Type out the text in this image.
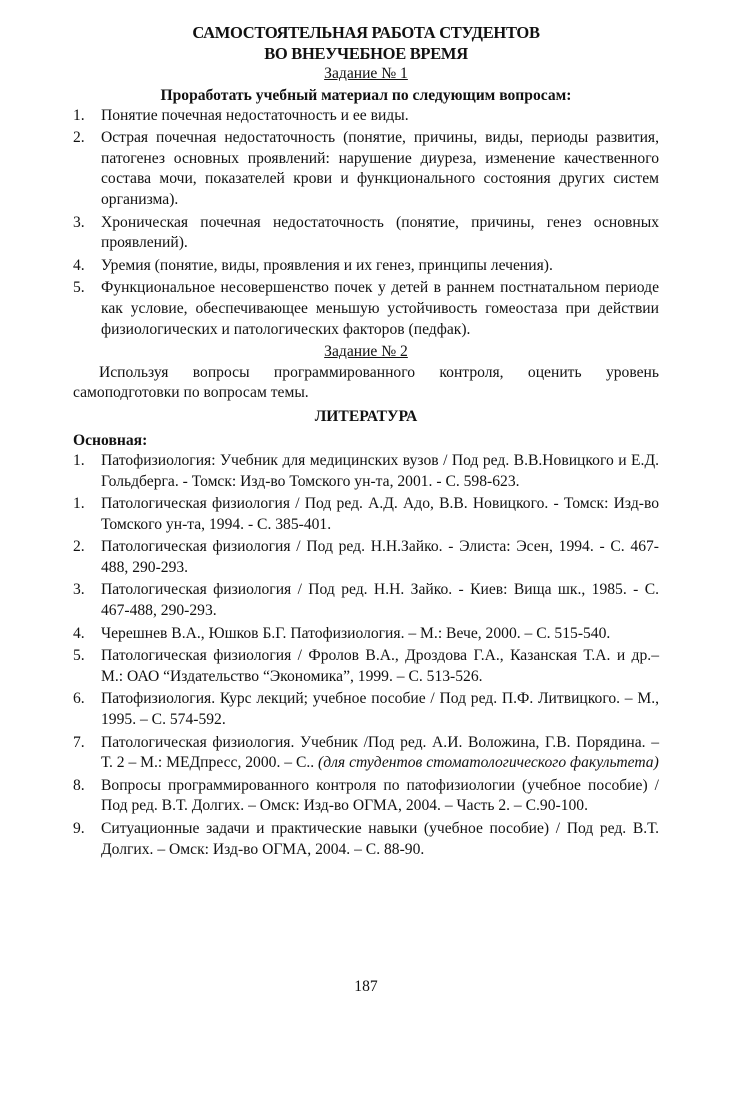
САМОСТОЯТЕЛЬНАЯ РАБОТА СТУДЕНТОВ
ВО ВНЕУЧЕБНОЕ ВРЕМЯ
Задание № 1
Проработать учебный материал по следующим вопросам:
1.	Понятие почечная недостаточность и ее виды.
2.	Острая почечная недостаточность (понятие, причины, виды, периоды развития, патогенез основных проявлений: нарушение диуреза, изменение качественного состава мочи, показателей крови и функционального состояния других систем организма).
3.	Хроническая почечная недостаточность (понятие, причины, генез основных проявлений).
4.	Уремия (понятие, виды, проявления и их генез, принципы лечения).
5.	Функциональное несовершенство почек у детей в раннем постнатальном периоде как условие, обеспечивающее меньшую устойчивость гомеостаза при действии физиологических и патологических факторов (педфак).
Задание № 2
Используя вопросы программированного контроля, оценить уровень самоподготовки по вопросам темы.
ЛИТЕРАТУРА
Основная:
1.	Патофизиология: Учебник для медицинских вузов / Под ред. В.В.Новицкого и Е.Д. Гольдберга. - Томск: Изд-во Томского ун-та, 2001. - С. 598-623.
1.	Патологическая физиология / Под ред. А.Д. Адо, В.В. Новицкого. - Томск: Изд-во Томского ун-та, 1994. - С. 385-401.
2.	Патологическая физиология / Под ред. Н.Н.Зайко. - Элиста: Эсен, 1994. - С. 467-488, 290-293.
3.	Патологическая физиология / Под ред. Н.Н. Зайко. - Киев: Вища шк., 1985. - С. 467-488, 290-293.
4.	Черешнев В.А., Юшков Б.Г. Патофизиология. – М.: Вече, 2000. – С. 515-540.
5.	Патологическая физиология / Фролов В.А., Дроздова Г.А., Казанская Т.А. и др.– М.: ОАО “Издательство “Экономика”, 1999. – С. 513-526.
6.	Патофизиология. Курс лекций; учебное пособие / Под ред. П.Ф. Литвицкого. – М., 1995. – С. 574-592.
7.	Патологическая физиология. Учебник /Под ред. А.И. Воложина, Г.В. Порядина. – Т. 2 – М.: МЕДпресс, 2000. – С.. (для студентов стоматологического факультета)
8.	Вопросы программированного контроля по патофизиологии (учебное пособие) / Под ред. В.Т. Долгих. – Омск: Изд-во ОГМА, 2004. – Часть 2. – С.90-100.
9.	Ситуационные задачи и практические навыки (учебное пособие) / Под ред. В.Т. Долгих. – Омск: Изд-во ОГМА, 2004. – С. 88-90.
187
